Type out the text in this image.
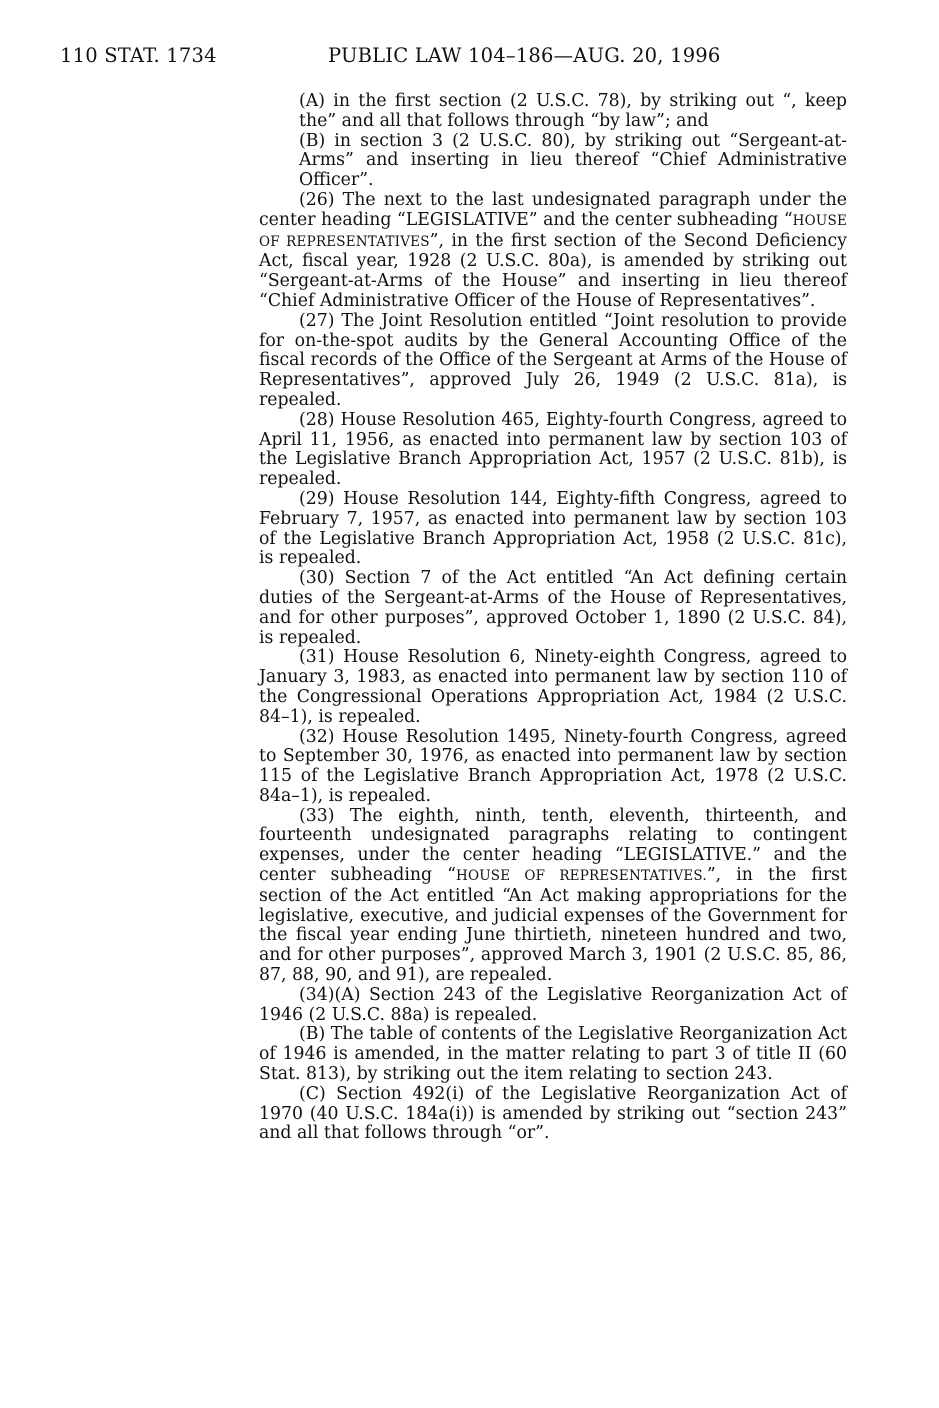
110 STAT. 1734	PUBLIC LAW 104–186—AUG. 20, 1996

(A) in the first section (2 U.S.C. 78), by striking out “, keep the” and all that follows through “by law”; and

(B) in section 3 (2 U.S.C. 80), by striking out “Sergeant-at-Arms” and inserting in lieu thereof “Chief Administrative Officer”.

(26) The next to the last undesignated paragraph under the center heading “LEGISLATIVE” and the center subheading “HOUSE OF REPRESENTATIVES”, in the first section of the Second Deficiency Act, fiscal year, 1928 (2 U.S.C. 80a), is amended by striking out “Sergeant-at-Arms of the House” and inserting in lieu thereof “Chief Administrative Officer of the House of Representatives”.

(27) The Joint Resolution entitled “Joint resolution to provide for on-the-spot audits by the General Accounting Office of the fiscal records of the Office of the Sergeant at Arms of the House of Representatives”, approved July 26, 1949 (2 U.S.C. 81a), is repealed.

(28) House Resolution 465, Eighty-fourth Congress, agreed to April 11, 1956, as enacted into permanent law by section 103 of the Legislative Branch Appropriation Act, 1957 (2 U.S.C. 81b), is repealed.

(29) House Resolution 144, Eighty-fifth Congress, agreed to February 7, 1957, as enacted into permanent law by section 103 of the Legislative Branch Appropriation Act, 1958 (2 U.S.C. 81c), is repealed.

(30) Section 7 of the Act entitled “An Act defining certain duties of the Sergeant-at-Arms of the House of Representatives, and for other purposes”, approved October 1, 1890 (2 U.S.C. 84), is repealed.

(31) House Resolution 6, Ninety-eighth Congress, agreed to January 3, 1983, as enacted into permanent law by section 110 of the Congressional Operations Appropriation Act, 1984 (2 U.S.C. 84–1), is repealed.

(32) House Resolution 1495, Ninety-fourth Congress, agreed to September 30, 1976, as enacted into permanent law by section 115 of the Legislative Branch Appropriation Act, 1978 (2 U.S.C. 84a–1), is repealed.

(33) The eighth, ninth, tenth, eleventh, thirteenth, and fourteenth undesignated paragraphs relating to contingent expenses, under the center heading “LEGISLATIVE.” and the center subheading “HOUSE OF REPRESENTATIVES.”, in the first section of the Act entitled “An Act making appropriations for the legislative, executive, and judicial expenses of the Government for the fiscal year ending June thirtieth, nineteen hundred and two, and for other purposes”, approved March 3, 1901 (2 U.S.C. 85, 86, 87, 88, 90, and 91), are repealed.

(34)(A) Section 243 of the Legislative Reorganization Act of 1946 (2 U.S.C. 88a) is repealed.

(B) The table of contents of the Legislative Reorganization Act of 1946 is amended, in the matter relating to part 3 of title II (60 Stat. 813), by striking out the item relating to section 243.

(C) Section 492(i) of the Legislative Reorganization Act of 1970 (40 U.S.C. 184a(i)) is amended by striking out “section 243” and all that follows through “or”.
